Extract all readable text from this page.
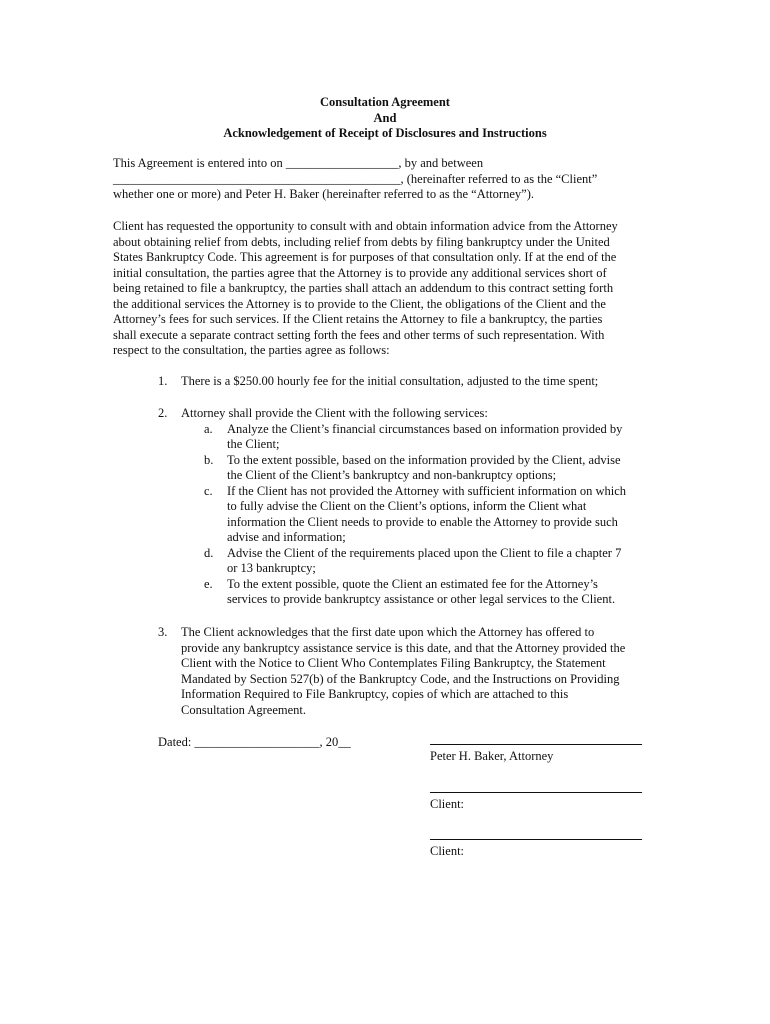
Consultation Agreement
And
Acknowledgement of Receipt of Disclosures and Instructions
This Agreement is entered into on __________________, by and between
______________________________________________, (hereinafter referred to as the “Client”
whether one or more) and Peter H. Baker (hereinafter referred to as the “Attorney”).
Client has requested the opportunity to consult with and obtain information advice from the Attorney
about obtaining relief from debts, including relief from debts by filing bankruptcy under the United
States Bankruptcy Code. This agreement is for purposes of that consultation only. If at the end of the
initial consultation, the parties agree that the Attorney is to provide any additional services short of
being retained to file a bankruptcy, the parties shall attach an addendum to this contract setting forth
the additional services the Attorney is to provide to the Client, the obligations of the Client and the
Attorney’s fees for such services. If the Client retains the Attorney to file a bankruptcy, the parties
shall execute a separate contract setting forth the fees and other terms of such representation. With
respect to the consultation, the parties agree as follows:
1. There is a $250.00 hourly fee for the initial consultation, adjusted to the time spent;
2. Attorney shall provide the Client with the following services:
a. Analyze the Client’s financial circumstances based on information provided by
the Client;
b. To the extent possible, based on the information provided by the Client, advise
the Client of the Client’s bankruptcy and non-bankruptcy options;
c. If the Client has not provided the Attorney with sufficient information on which
to fully advise the Client on the Client’s options, inform the Client what
information the Client needs to provide to enable the Attorney to provide such
advise and information;
d. Advise the Client of the requirements placed upon the Client to file a chapter 7
or 13 bankruptcy;
e. To the extent possible, quote the Client an estimated fee for the Attorney’s
services to provide bankruptcy assistance or other legal services to the Client.
3. The Client acknowledges that the first date upon which the Attorney has offered to
provide any bankruptcy assistance service is this date, and that the Attorney provided the
Client with the Notice to Client Who Contemplates Filing Bankruptcy, the Statement
Mandated by Section 527(b) of the Bankruptcy Code, and the Instructions on Providing
Information Required to File Bankruptcy, copies of which are attached to this
Consultation Agreement.
Dated: ____________________, 20__
Peter H. Baker, Attorney
Client:
Client:
